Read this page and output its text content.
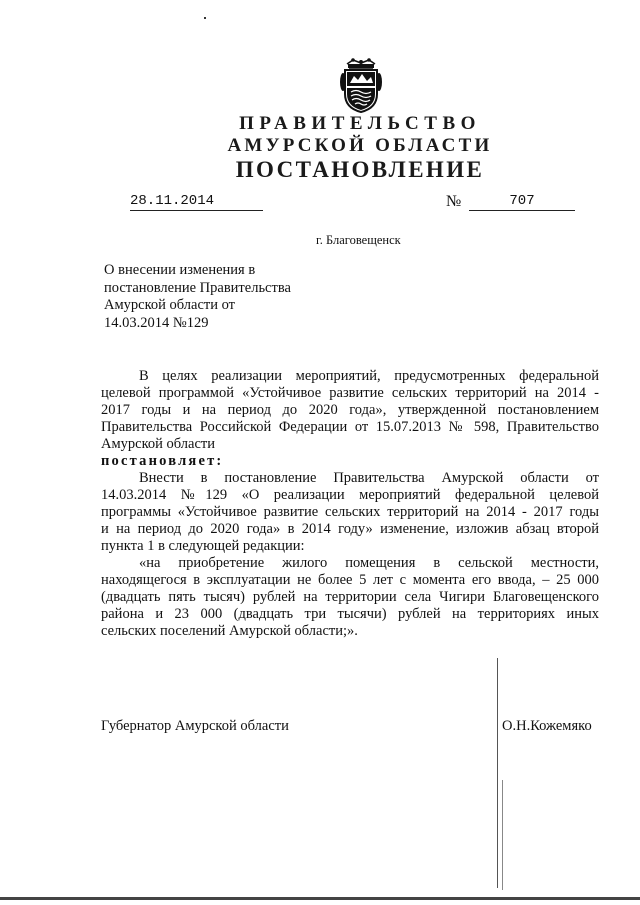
ПРАВИТЕЛЬСТВО
АМУРСКОЙ ОБЛАСТИ
ПОСТАНОВЛЕНИЕ
28.11.2014	№	707
г. Благовещенск
О внесении изменения в
постановление Правительства
Амурской области от
14.03.2014 №129
В целях реализации мероприятий, предусмотренных федеральной
целевой программой «Устойчивое развитие сельских территорий на 2014 -
2017 годы и на период до 2020 года», утвержденной постановлением
Правительства Российской Федерации от 15.07.2013 № 598, Правительство
Амурской области
постановляет:
Внести в постановление Правительства Амурской области от
14.03.2014 №129 «О реализации мероприятий федеральной целевой
программы «Устойчивое развитие сельских территорий на 2014 - 2017 годы
и на период до 2020 года» в 2014 году» изменение, изложив абзац второй
пункта 1 в следующей редакции:
«на приобретение жилого помещения в сельской местности,
находящегося в эксплуатации не более 5 лет с момента его ввода, – 25 000
(двадцать пять тысяч) рублей на территории села Чигири Благовещенского
района и 23 000 (двадцать три тысячи) рублей на территориях иных
сельских поселений Амурской области;».
Губернатор Амурской области	О.Н.Кожемяко
